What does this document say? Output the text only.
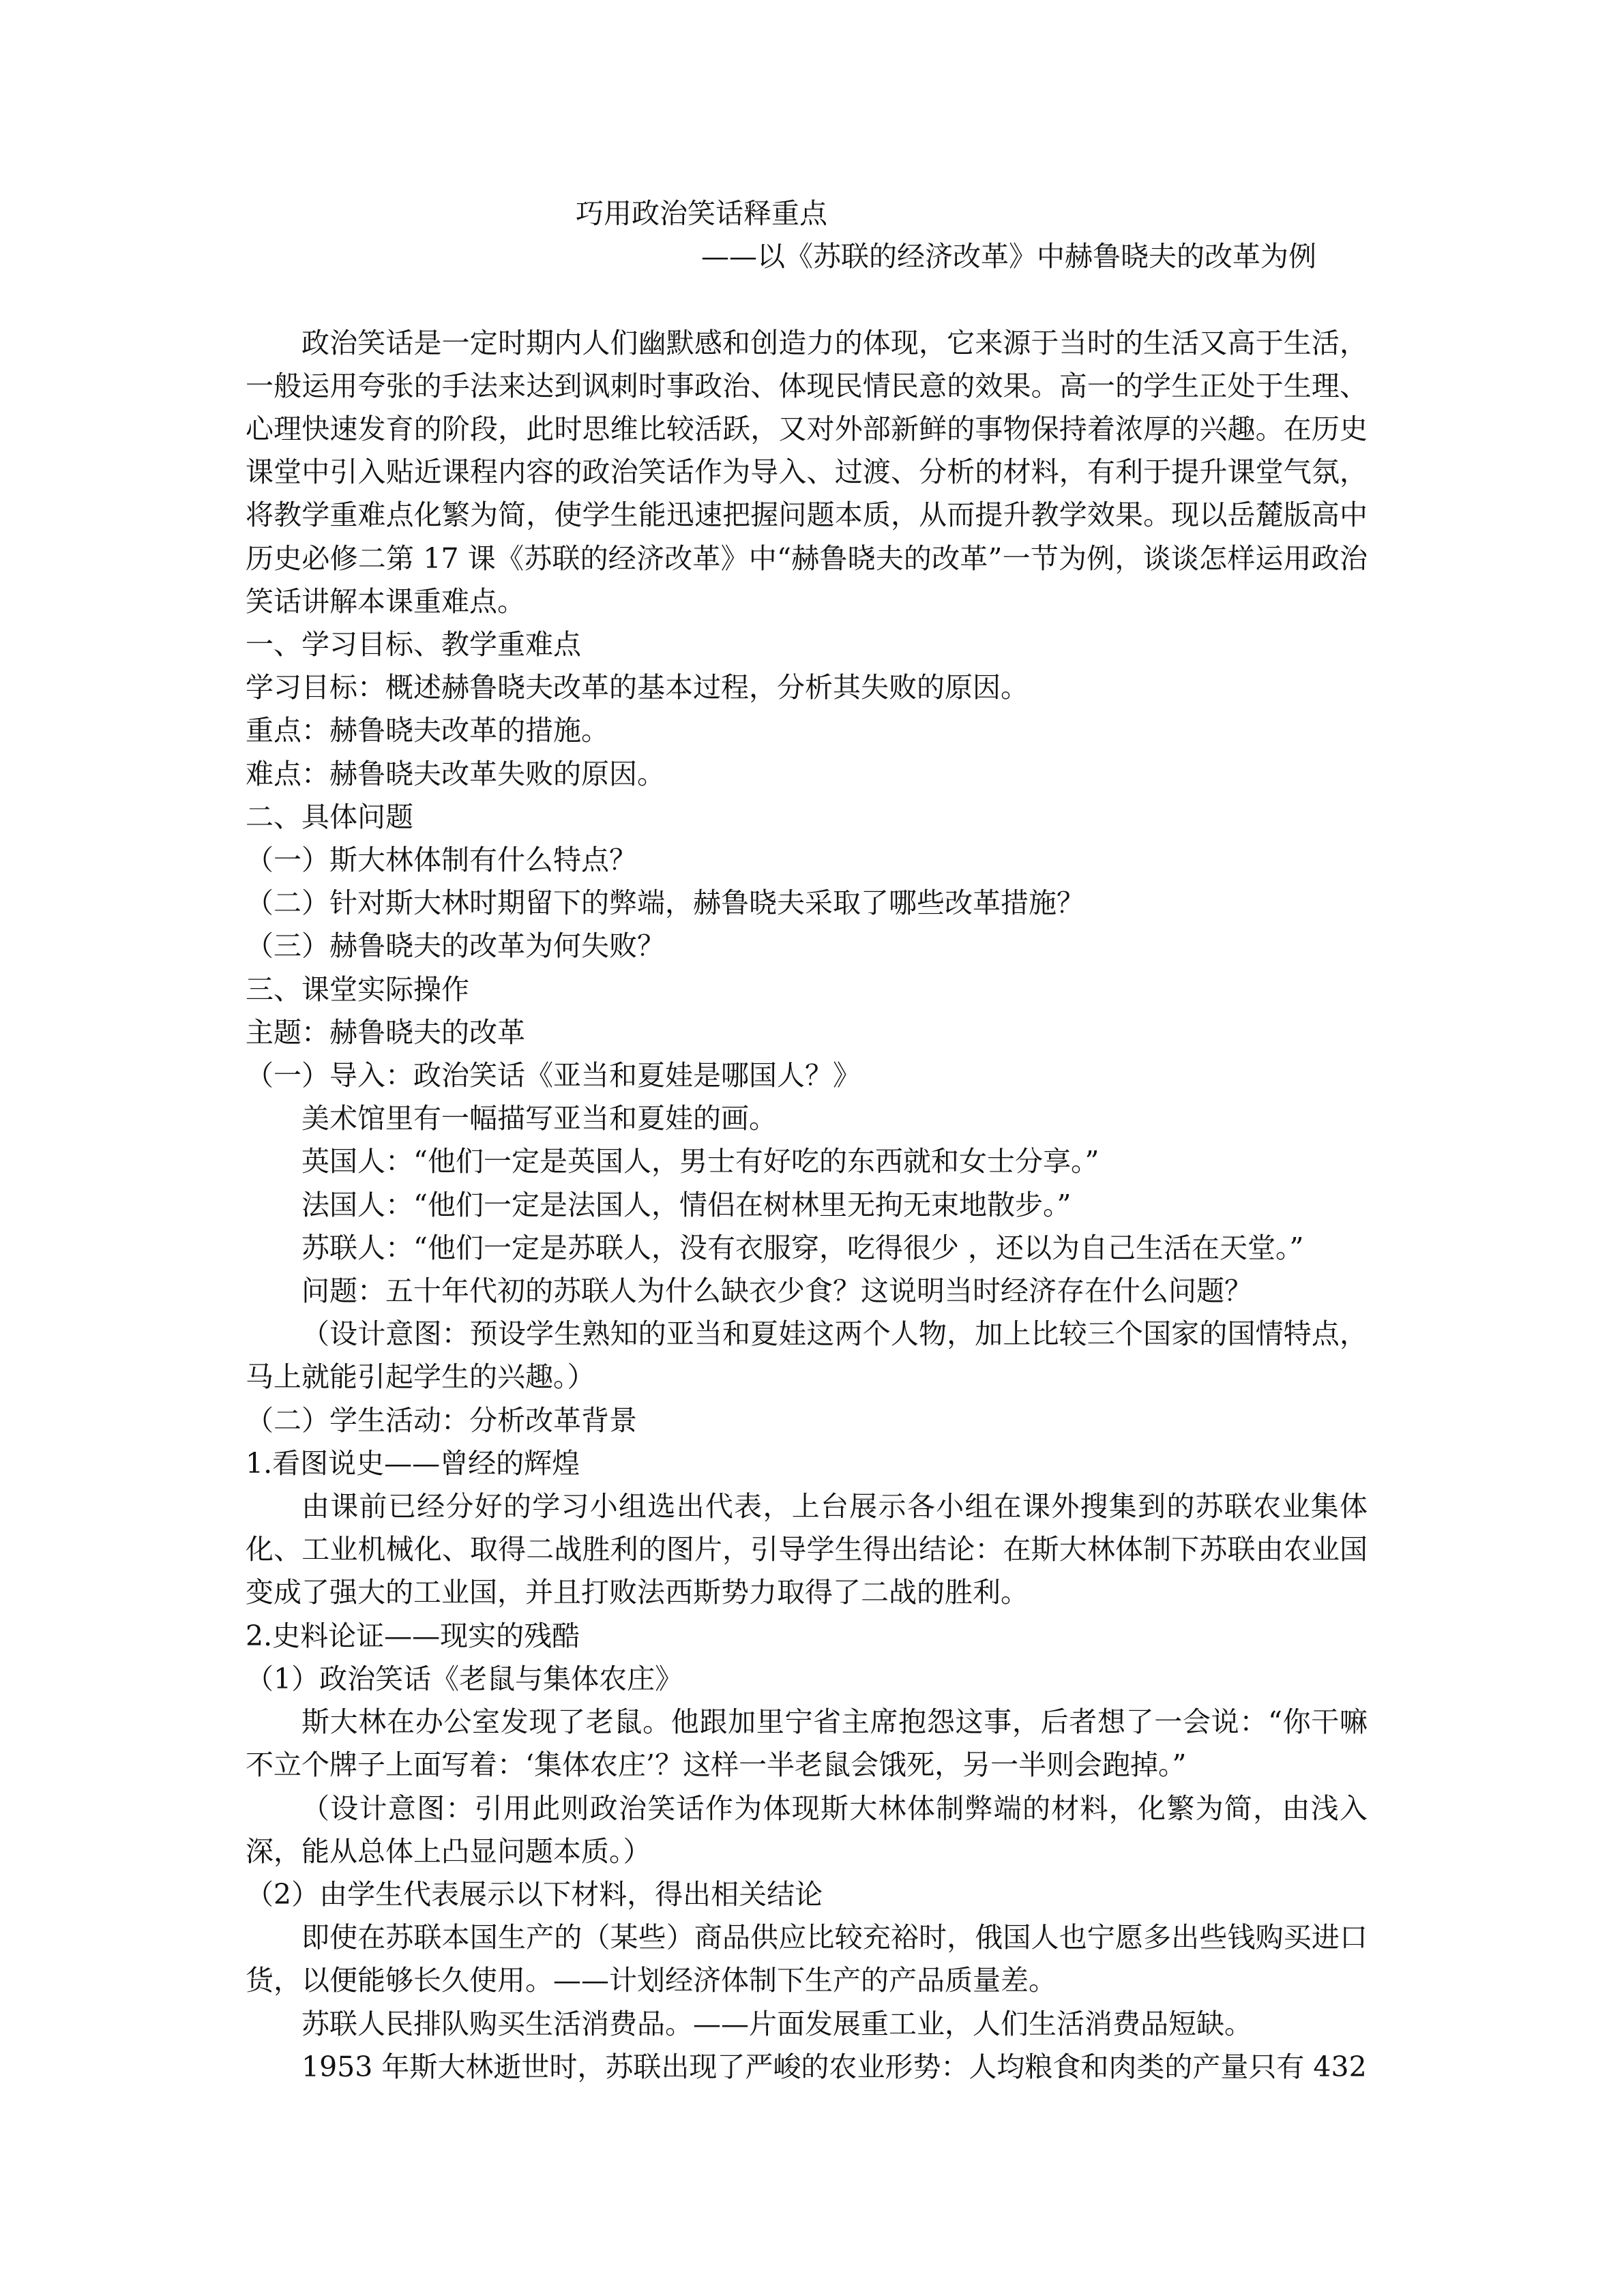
巧用政治笑话释重点

——以《苏联的经济改革》中赫鲁晓夫的改革为例

政治笑话是一定时期内人们幽默感和创造力的体现，它来源于当时的生活又高于生活，一般运用夸张的手法来达到讽刺时事政治、体现民情民意的效果。高一的学生正处于生理、心理快速发育的阶段，此时思维比较活跃，又对外部新鲜的事物保持着浓厚的兴趣。在历史课堂中引入贴近课程内容的政治笑话作为导入、过渡、分析的材料，有利于提升课堂气氛，将教学重难点化繁为简，使学生能迅速把握问题本质，从而提升教学效果。现以岳麓版高中历史必修二第 17 课《苏联的经济改革》中“赫鲁晓夫的改革”一节为例，谈谈怎样运用政治笑话讲解本课重难点。

一、学习目标、教学重难点

学习目标：概述赫鲁晓夫改革的基本过程，分析其失败的原因。

重点：赫鲁晓夫改革的措施。

难点：赫鲁晓夫改革失败的原因。

二、具体问题

（一）斯大林体制有什么特点？

（二）针对斯大林时期留下的弊端，赫鲁晓夫采取了哪些改革措施？

（三）赫鲁晓夫的改革为何失败？

三、课堂实际操作

主题：赫鲁晓夫的改革

（一）导入：政治笑话《亚当和夏娃是哪国人？》

美术馆里有一幅描写亚当和夏娃的画。

英国人：“他们一定是英国人，男士有好吃的东西就和女士分享。”

法国人：“他们一定是法国人，情侣在树林里无拘无束地散步。”

苏联人：“他们一定是苏联人，没有衣服穿，吃得很少 ，还以为自己生活在天堂。”

问题：五十年代初的苏联人为什么缺衣少食？这说明当时经济存在什么问题？

（设计意图：预设学生熟知的亚当和夏娃这两个人物，加上比较三个国家的国情特点，马上就能引起学生的兴趣。）

（二）学生活动：分析改革背景

1.看图说史——曾经的辉煌

由课前已经分好的学习小组选出代表，上台展示各小组在课外搜集到的苏联农业集体化、工业机械化、取得二战胜利的图片，引导学生得出结论：在斯大林体制下苏联由农业国变成了强大的工业国，并且打败法西斯势力取得了二战的胜利。

2.史料论证——现实的残酷

（1）政治笑话《老鼠与集体农庄》

斯大林在办公室发现了老鼠。他跟加里宁省主席抱怨这事，后者想了一会说：“你干嘛不立个牌子上面写着：‘集体农庄’？这样一半老鼠会饿死，另一半则会跑掉。”

（设计意图：引用此则政治笑话作为体现斯大林体制弊端的材料，化繁为简，由浅入深，能从总体上凸显问题本质。）

（2）由学生代表展示以下材料，得出相关结论

即使在苏联本国生产的（某些）商品供应比较充裕时，俄国人也宁愿多出些钱购买进口货，以便能够长久使用。——计划经济体制下生产的产品质量差。

苏联人民排队购买生活消费品。——片面发展重工业，人们生活消费品短缺。

1953 年斯大林逝世时，苏联出现了严峻的农业形势：人均粮食和肉类的产量只有 432
